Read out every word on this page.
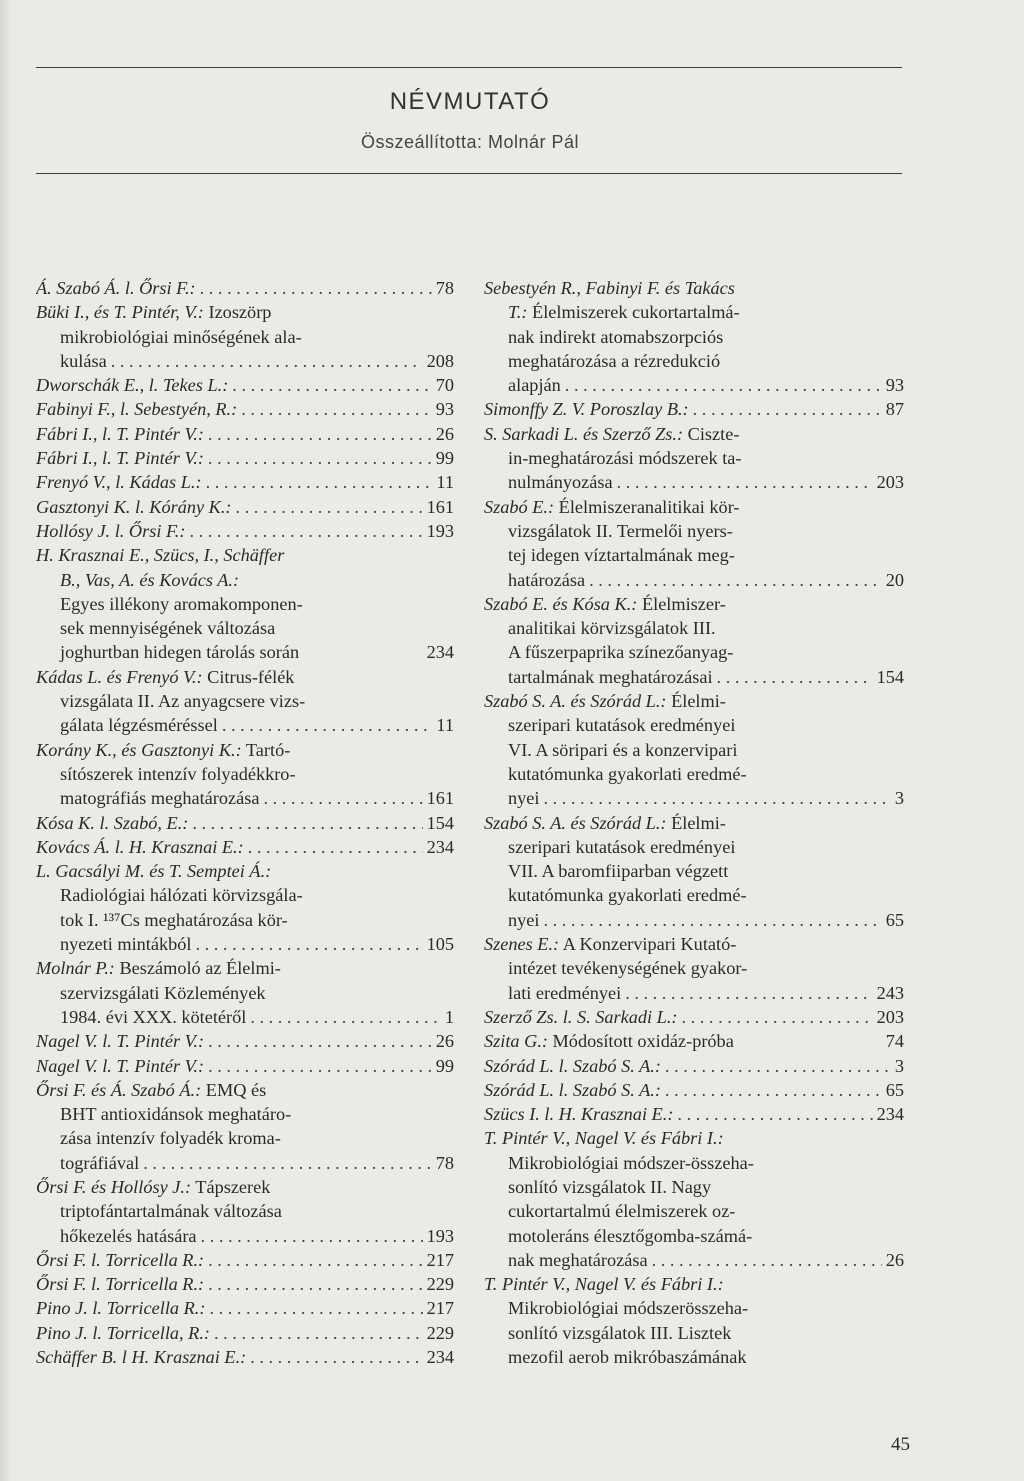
NÉVMUTATÓ
Összeállította: Molnár Pál
Á. Szabó Á. l. Őrsi F.: . . .	78
Büki I., és T. Pintér, V.: Izoszörp
mikrobiológiai minőségének ala-
kulása . . .	208
Dworschák E., l. Tekes L.: . . .	70
Fabinyi F., l. Sebestyén, R.: . . .	93
Fábri I., l. T. Pintér V.: . . .	26
Fábri I., l. T. Pintér V.: . . .	99
Frenyó V., l. Kádas L.: . . .	11
Gasztonyi K. l. Kórány K.: . . .	161
Hollósy J. l. Őrsi F.: . . .	193
H. Krasznai E., Szücs, I., Schäffer
B., Vas, A. és Kovács A.:
Egyes illékony aromakomponen-
sek mennyiségének változása
joghurtban hidegen tárolás során	234
Kádas L. és Frenyó V.: Citrus-félék
vizsgálata II. Az anyagcsere vizs-
gálata légzésméréssel . . .	11
Korány K., és Gasztonyi K.: Tartó-
sítószerek intenzív folyadékkro-
matográfiás meghatározása . . .	161
Kósa K. l. Szabó, E.: . . .	154
Kovács Á. l. H. Krasznai E.: . . .	234
L. Gacsályi M. és T. Semptei Á.:
Radiológiai hálózati körvizsgála-
tok I. ¹³⁷Cs meghatározása kör-
nyezeti mintákból . . .	105
Molnár P.: Beszámoló az Élelmi-
szervizsgálati Közlemények
1984. évi XXX. kötetéről . . .	1
Nagel V. l. T. Pintér V.: . . .	26
Nagel V. l. T. Pintér V.: . . .	99
Őrsi F. és Á. Szabó Á.: EMQ és
BHT antioxidánsok meghatáro-
zása intenzív folyadék kroma-
tográfiával . . .	78
Őrsi F. és Hollósy J.: Tápszerek
triptofántartalmának változása
hőkezelés hatására . . .	193
Őrsi F. l. Torricella R.: . . .	217
Őrsi F. l. Torricella R.: . . .	229
Pino J. l. Torricella R.: . . .	217
Pino J. l. Torricella, R.: . . .	229
Schäffer B. l H. Krasznai E.: . . .	234
Sebestyén R., Fabinyi F. és Takács
T.: Élelmiszerek cukortartalmá-
nak indirekt atomabszorpciós
meghatározása a rézredukció
alapján . . .	93
Simonffy Z. V. Poroszlay B.: . . .	87
S. Sarkadi L. és Szerző Zs.: Ciszte-
in-meghatározási módszerek ta-
nulmányozása . . .	203
Szabó E.: Élelmiszeranalitikai kör-
vizsgálatok II. Termelői nyers-
tej idegen víztartalmának meg-
határozása . . .	20
Szabó E. és Kósa K.: Élelmiszer-
analitikai körvizsgálatok III.
A fűszerpaprika színezőanyag-
tartalmának meghatározásai . . .	154
Szabó S. A. és Szórád L.: Élelmi-
szeripari kutatások eredményei
VI. A söripari és a konzervipari
kutatómunka gyakorlati eredmé-
nyei . . .	3
Szabó S. A. és Szórád L.: Élelmi-
szeripari kutatások eredményei
VII. A baromfiiparban végzett
kutatómunka gyakorlati eredmé-
nyei . . .	65
Szenes E.: A Konzervipari Kutató-
intézet tevékenységének gyakor-
lati eredményei . . .	243
Szerző Zs. l. S. Sarkadi L.: . . .	203
Szita G.: Módosított oxidáz-próba	74
Szórád L. l. Szabó S. A.: . . .	3
Szórád L. l. Szabó S. A.: . . .	65
Szücs I. l. H. Krasznai E.: . . .	234
T. Pintér V., Nagel V. és Fábri I.:
Mikrobiológiai módszer-összeha-
sonlító vizsgálatok II. Nagy
cukortartalmú élelmiszerek oz-
motoleráns élesztőgomba-számá-
nak meghatározása . . .	26
T. Pintér V., Nagel V. és Fábri I.:
Mikrobiológiai módszerösszeha-
sonlító vizsgálatok III. Lisztek
mezofil aerob mikróbaszámának
45
